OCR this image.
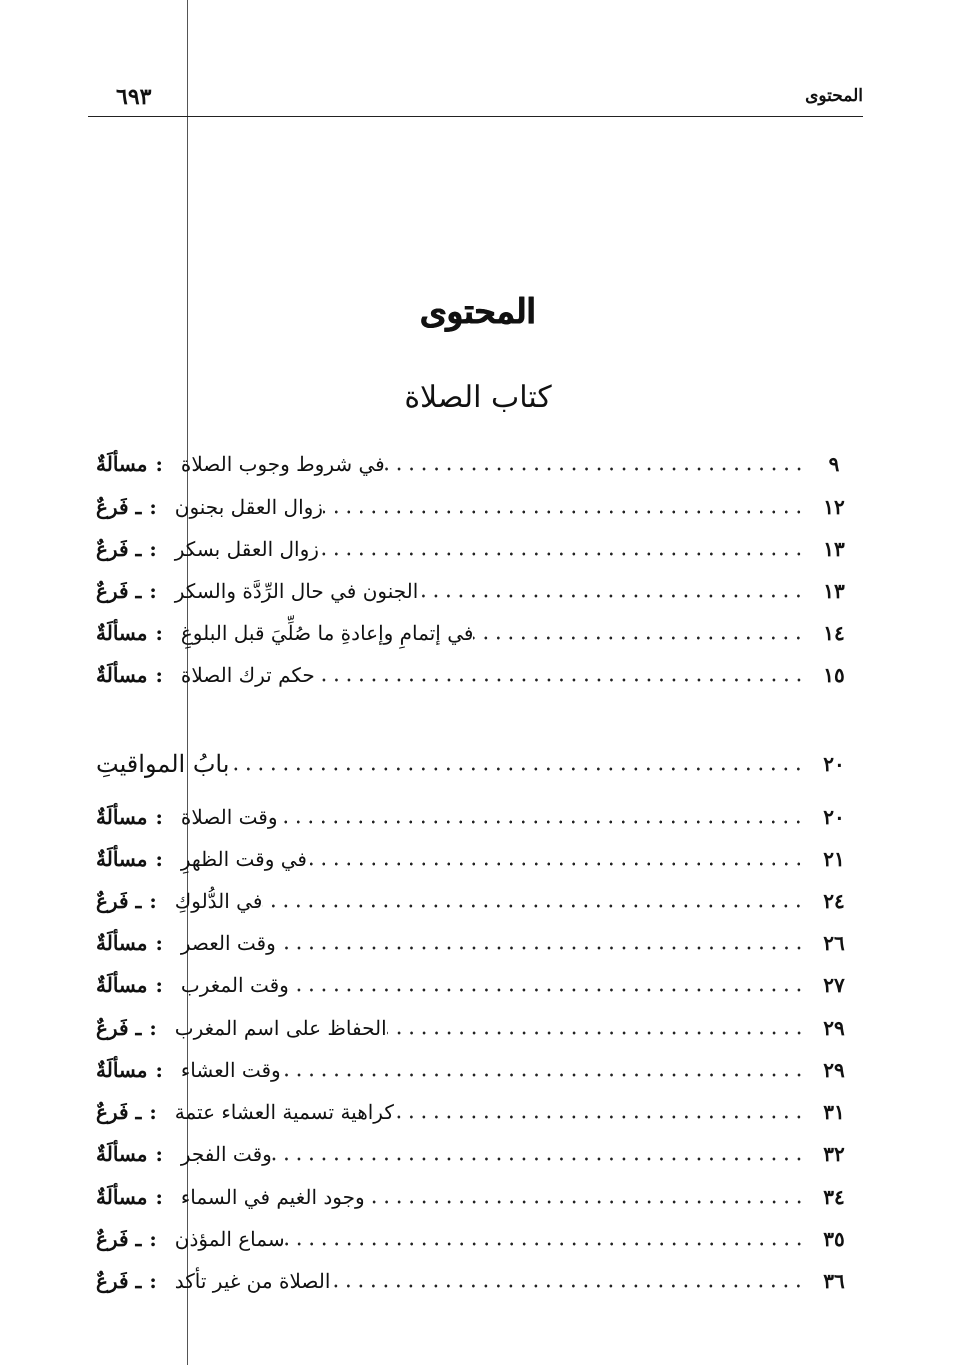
المحتوى
٦٩٣
المحتوى
كتاب الصلاة
مسألَةٌ : في شروط وجوب الصلاة	٩
ـ فَرعٌ : زوال العقل بجنون	١٢
ـ فَرعٌ : زوال العقل بسكر	١٣
ـ فَرعٌ : الجنون في حال الرِّدَّة والسكر	١٣
مسألَةٌ : في إتمامِ وإعادةِ ما صُلِّيَ قبل البلوغِ	١٤
مسألَةٌ : حكم ترك الصلاة	١٥
بابُ المواقيتِ	٢٠
مسألَةٌ : وقت الصلاة	٢٠
مسألَةٌ : في وقت الظهرِ	٢١
ـ فَرعٌ : في الدُّلوكِ	٢٤
مسألَةٌ : وقت العصر	٢٦
مسألَةٌ : وقت المغرب	٢٧
ـ فَرعٌ : الحفاظ على اسم المغرب	٢٩
مسألَةٌ : وقت العشاء	٢٩
ـ فَرعٌ : كراهية تسمية العشاء عتمة	٣١
مسألَةٌ : وقت الفجر	٣٢
مسألَةٌ : وجود الغيم في السماء	٣٤
ـ فَرعٌ : سماع المؤذن	٣٥
ـ فَرعٌ : الصلاة من غير تأكد	٣٦
